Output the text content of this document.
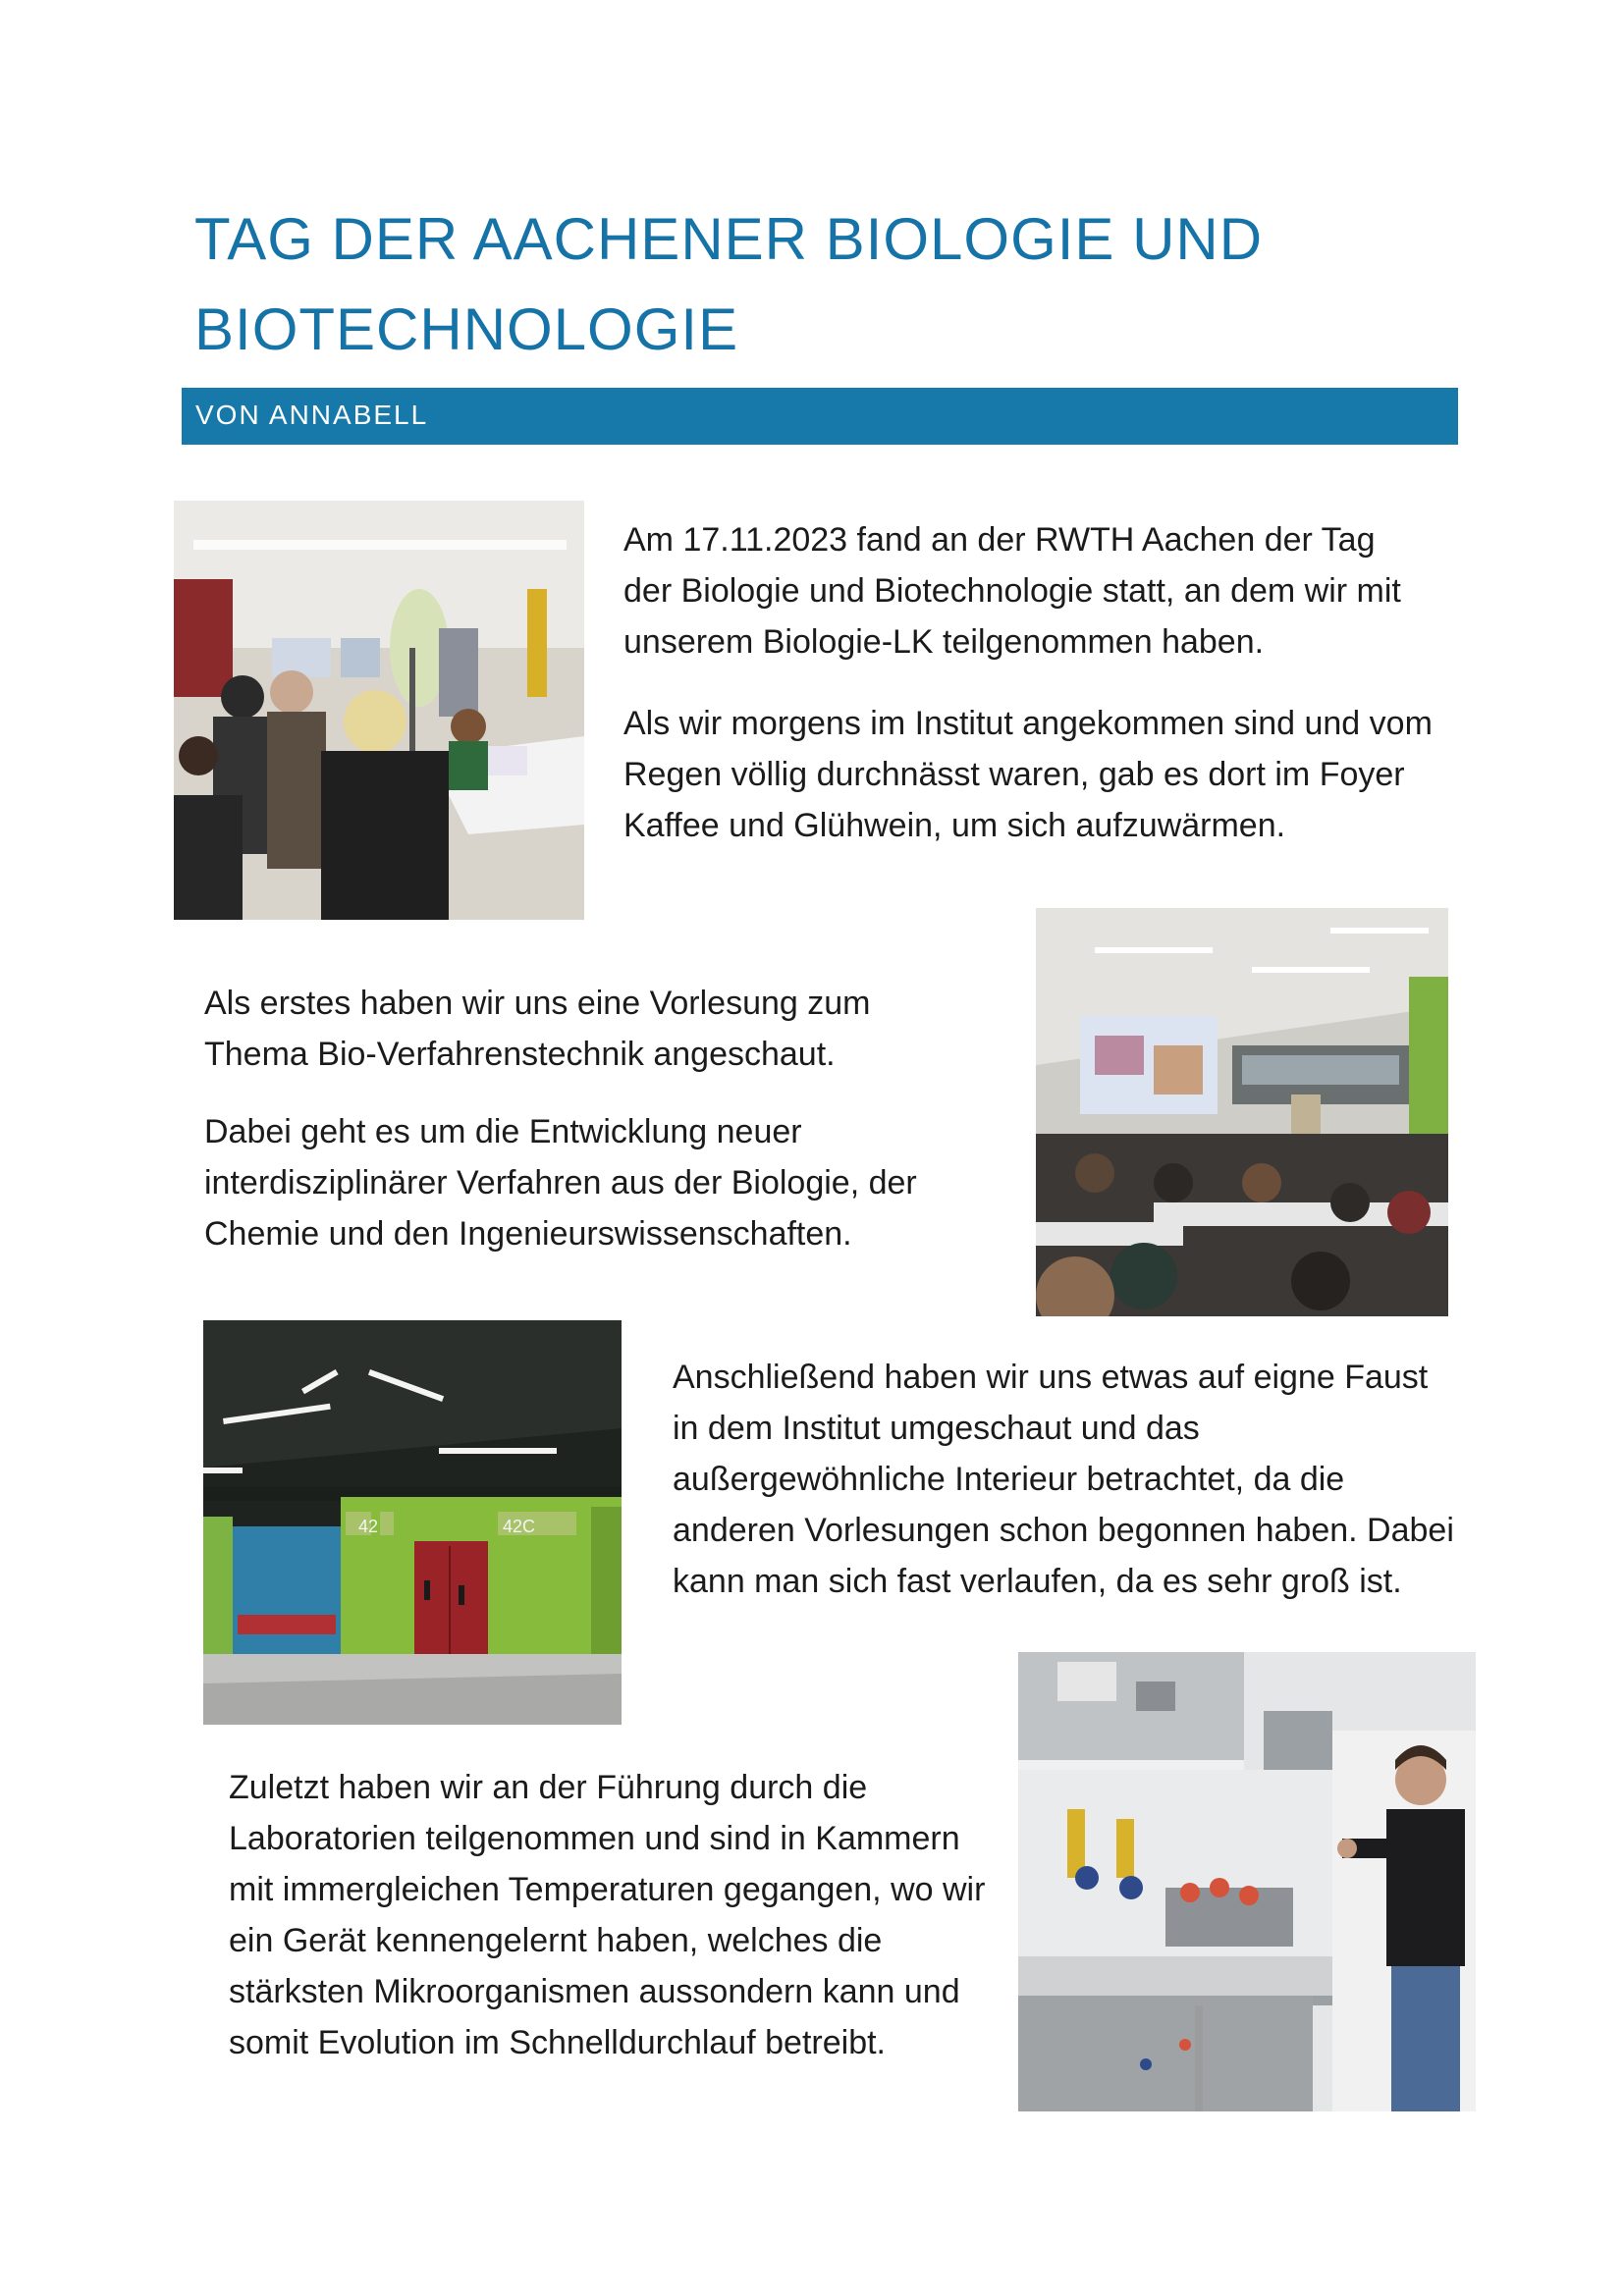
TAG DER AACHENER BIOLOGIE UND BIOTECHNOLOGIE
VON ANNABELL

Am 17.11.2023 fand an der RWTH Aachen der Tag der Biologie und Biotechnologie statt, an dem wir mit unserem Biologie-LK teilgenommen haben.

Als wir morgens im Institut angekommen sind und vom Regen völlig durchnässt waren, gab es dort im Foyer Kaffee und Glühwein, um sich aufzuwärmen.

Als erstes haben wir uns eine Vorlesung zum Thema Bio-Verfahrenstechnik angeschaut.

Dabei geht es um die Entwicklung neuer interdisziplinärer Verfahren aus der Biologie, der Chemie und den Ingenieurswissenschaften.

42	42C

Anschließend haben wir uns etwas auf eigne Faust in dem Institut umgeschaut und das außergewöhnliche Interieur betrachtet, da die anderen Vorlesungen schon begonnen haben. Dabei kann man sich fast verlaufen, da es sehr groß ist.

Zuletzt haben wir an der Führung durch die Laboratorien teilgenommen und sind in Kammern mit immergleichen Temperaturen gegangen, wo wir ein Gerät kennengelernt haben, welches die stärksten Mikroorganismen aussondern kann und somit Evolution im Schnelldurchlauf betreibt.
